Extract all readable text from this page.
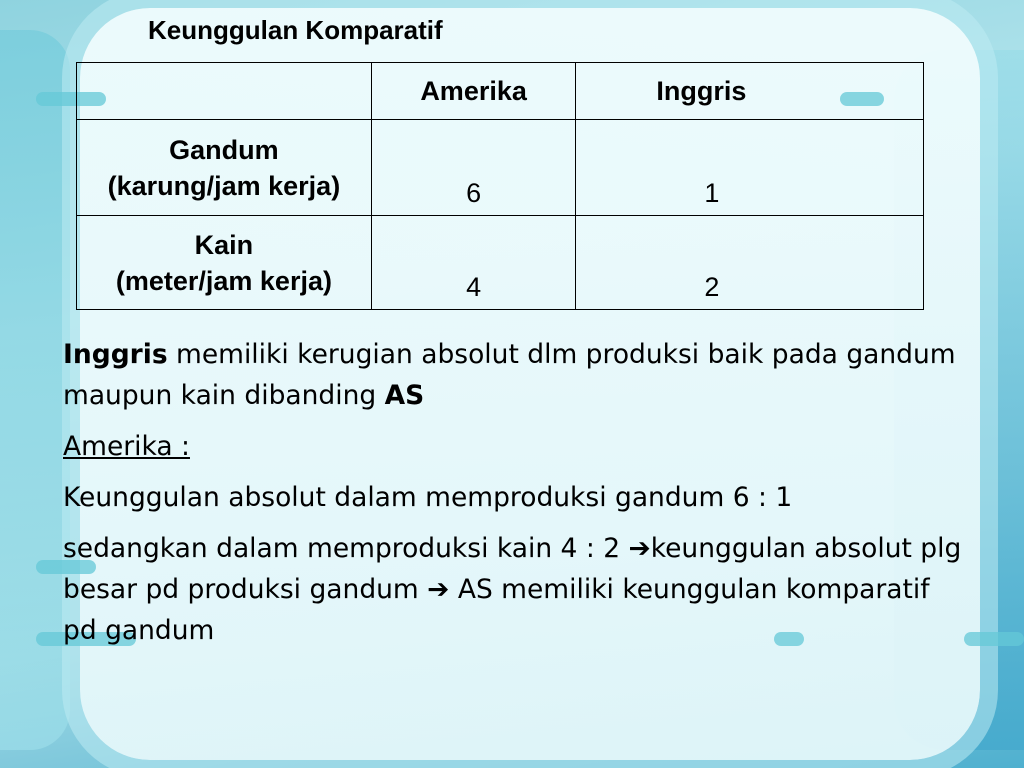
Keunggulan Komparatif
	Amerika	Inggris

Gandum
(karung/jam kerja)	6	1

Kain
(meter/jam kerja)	4	2

Inggris memiliki kerugian absolut dlm produksi baik pada gandum maupun kain dibanding AS

Amerika :

Keunggulan absolut dalam memproduksi gandum 6 : 1

sedangkan dalam memproduksi kain 4 : 2 ➔keunggulan absolut plg besar pd produksi gandum ➔ AS memiliki keunggulan komparatif pd gandum
